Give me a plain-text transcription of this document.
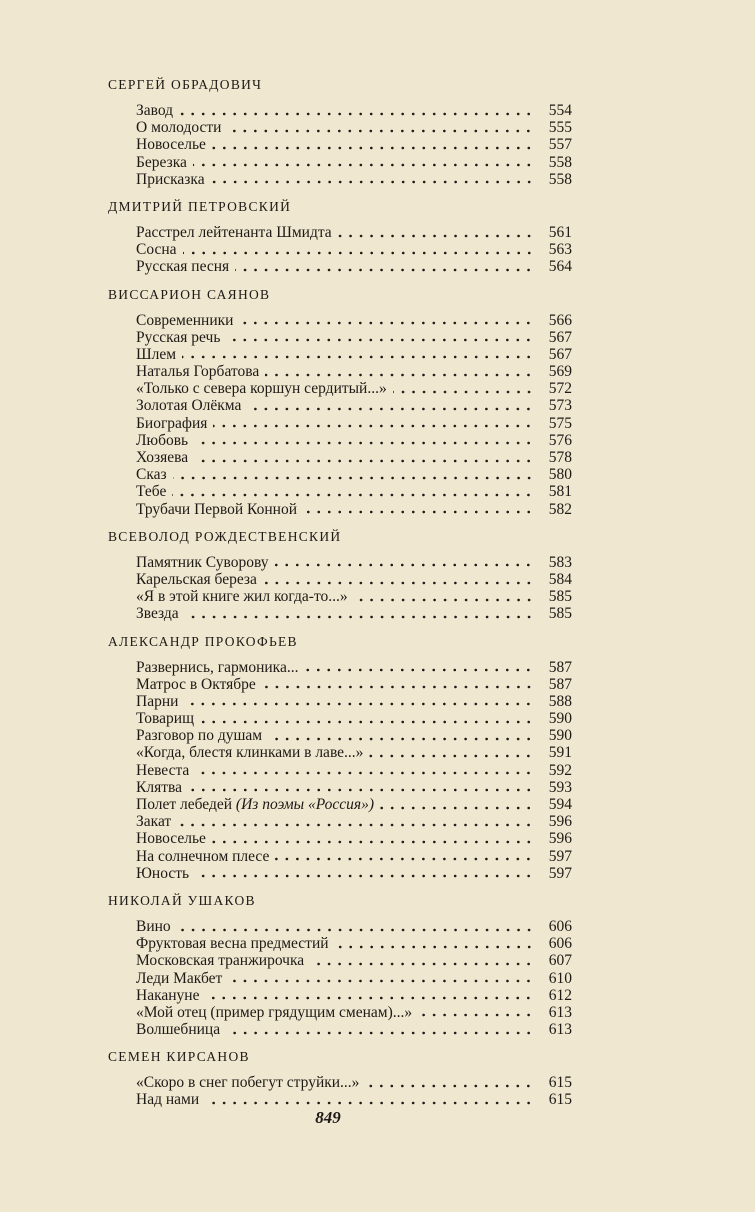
СЕРГЕЙ ОБРАДОВИЧ
Завод	554
О молодости	555
Новоселье	557
Березка	558
Присказка	558
ДМИТРИЙ ПЕТРОВСКИЙ
Расстрел лейтенанта Шмидта	561
Сосна	563
Русская песня	564
ВИССАРИОН САЯНОВ
Современники	566
Русская речь	567
Шлем	567
Наталья Горбатова	569
«Только с севера коршун сердитый...»	572
Золотая Олёкма	573
Биография	575
Любовь	576
Хозяева	578
Сказ	580
Тебе	581
Трубачи Первой Конной	582
ВСЕВОЛОД РОЖДЕСТВЕНСКИЙ
Памятник Суворову	583
Карельская береза	584
«Я в этой книге жил когда-то...»	585
Звезда	585
АЛЕКСАНДР ПРОКОФЬЕВ
Развернись, гармоника...	587
Матрос в Октябре	587
Парни	588
Товарищ	590
Разговор по душам	590
«Когда, блестя клинками в лаве...»	591
Невеста	592
Клятва	593
Полет лебедей (Из поэмы «Россия»)	594
Закат	596
Новоселье	596
На солнечном плесе	597
Юность	597
НИКОЛАЙ УШАКОВ
Вино	606
Фруктовая весна предместий	606
Московская транжирочка	607
Леди Макбет	610
Накануне	612
«Мой отец (пример грядущим сменам)...»	613
Волшебница	613
СЕМЕН КИРСАНОВ
«Скоро в снег побегут струйки...»	615
Над нами	615
849
